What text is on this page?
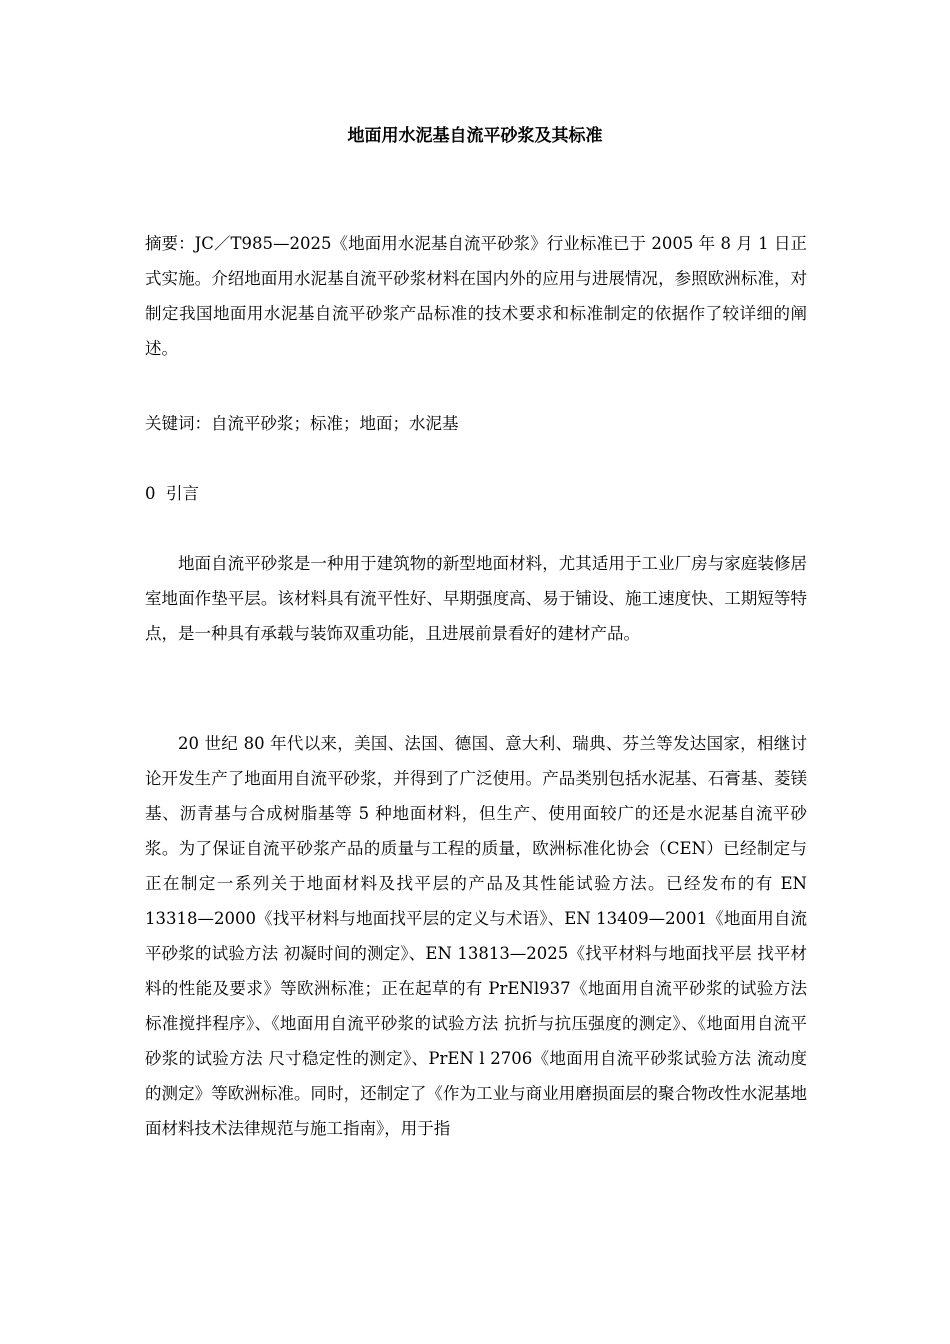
地面用水泥基自流平砂浆及其标准

摘要：JC／T985—2025《地面用水泥基自流平砂浆》行业标准已于 2005 年 8 月 1 日正式实施。介绍地面用水泥基自流平砂浆材料在国内外的应用与进展情况，参照欧洲标准，对制定我国地面用水泥基自流平砂浆产品标准的技术要求和标准制定的依据作了较详细的阐述。

关键词：自流平砂浆；标准；地面；水泥基

0  引言

地面自流平砂浆是一种用于建筑物的新型地面材料，尤其适用于工业厂房与家庭装修居室地面作垫平层。该材料具有流平性好、早期强度高、易于铺设、施工速度快、工期短等特点，是一种具有承载与装饰双重功能，且进展前景看好的建材产品。

20 世纪 80 年代以来，美国、法国、德国、意大利、瑞典、芬兰等发达国家，相继讨论开发生产了地面用自流平砂浆，并得到了广泛使用。产品类别包括水泥基、石膏基、菱镁基、沥青基与合成树脂基等 5 种地面材料，但生产、使用面较广的还是水泥基自流平砂浆。为了保证自流平砂浆产品的质量与工程的质量，欧洲标准化协会（CEN）已经制定与正在制定一系列关于地面材料及找平层的产品及其性能试验方法。已经发布的有 EN 13318—2000《找平材料与地面找平层的定义与术语》、EN 13409—2001《地面用自流平砂浆的试验方法 初凝时间的测定》、EN 13813—2025《找平材料与地面找平层 找平材料的性能及要求》等欧洲标准；正在起草的有 PrENl937《地面用自流平砂浆的试验方法 标准搅拌程序》、《地面用自流平砂浆的试验方法 抗折与抗压强度的测定》、《地面用自流平砂浆的试验方法 尺寸稳定性的测定》、PrEN l 2706《地面用自流平砂浆试验方法 流动度的测定》等欧洲标准。同时，还制定了《作为工业与商业用磨损面层的聚合物改性水泥基地面材料技术法律规范与施工指南》，用于指
